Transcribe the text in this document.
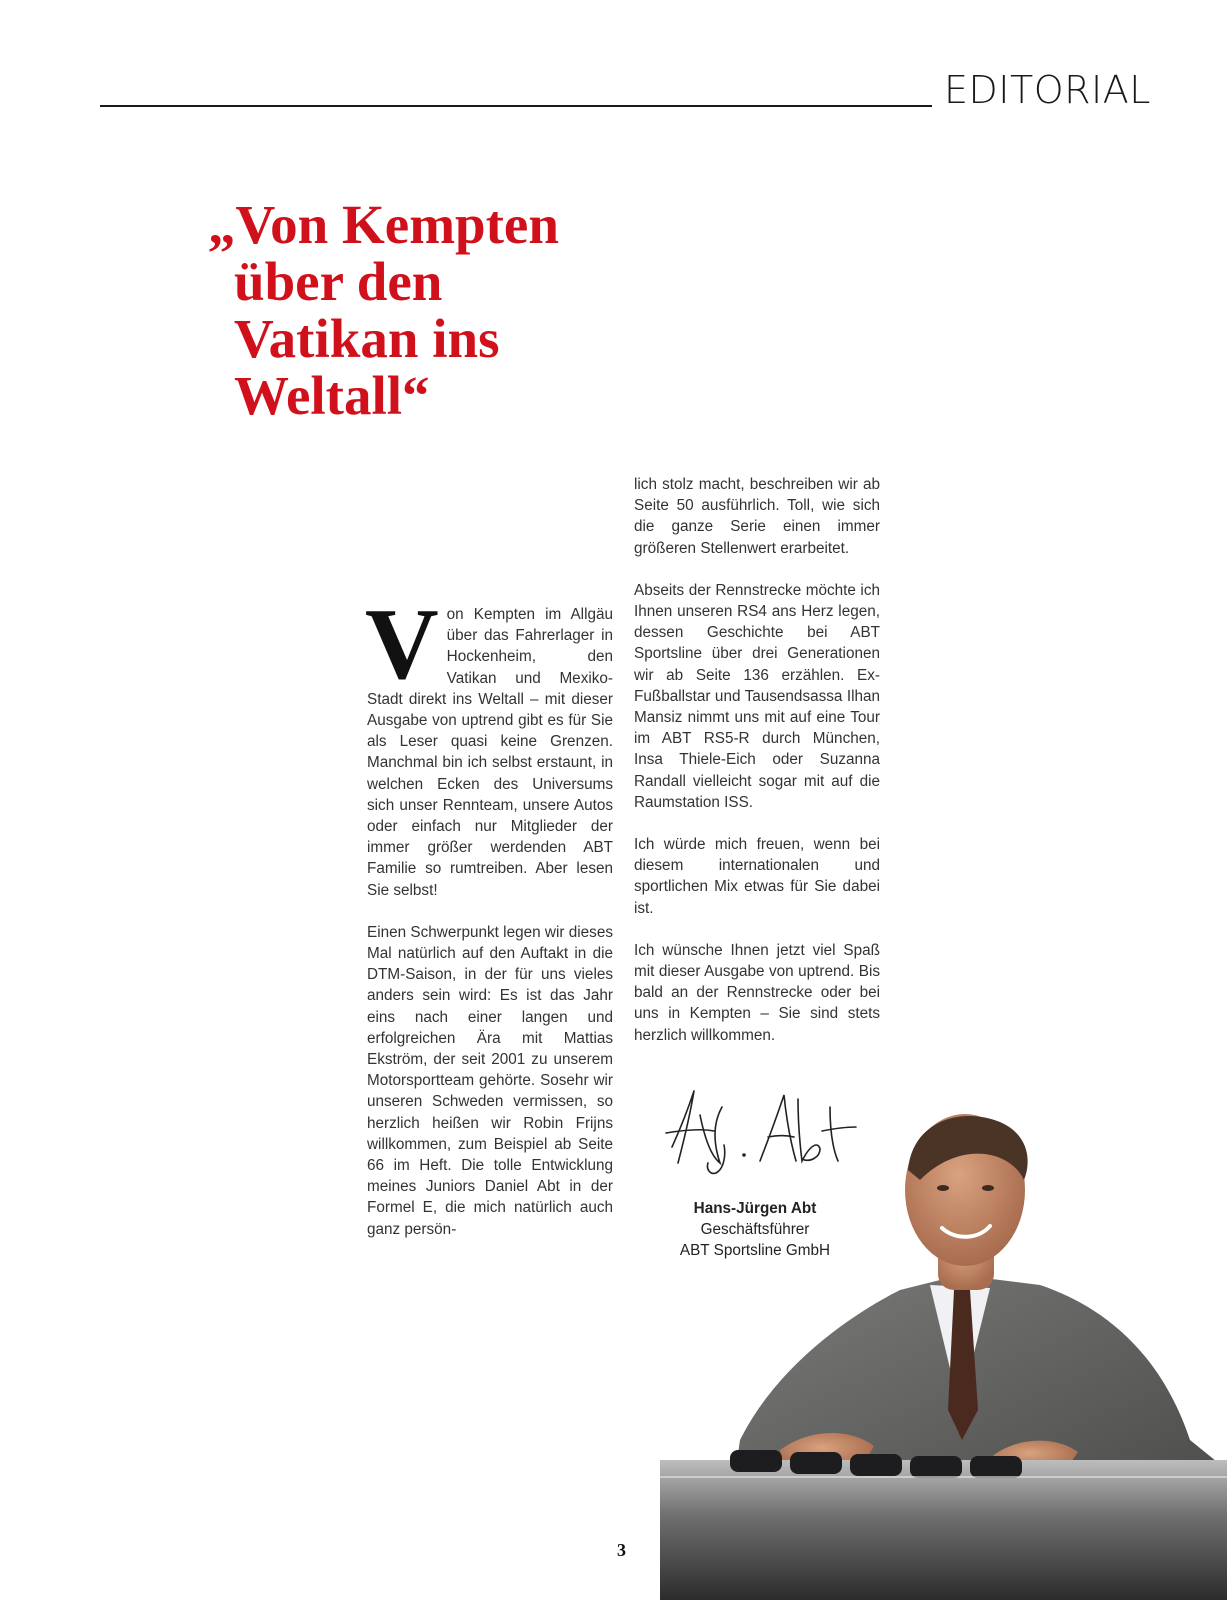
EDITORIAL
„Von Kempten
über den
Vatikan ins
Weltall“

V on Kempten im Allgäu über das Fahrerlager in Hockenheim, den Vatikan und Mexiko-Stadt direkt ins Weltall – mit dieser Ausgabe von uptrend gibt es für Sie als Leser quasi keine Grenzen. Manchmal bin ich selbst erstaunt, in welchen Ecken des Universums sich unser Rennteam, unsere Autos oder einfach nur Mitglieder der immer größer werdenden ABT Familie so rumtreiben. Aber lesen Sie selbst!

Einen Schwerpunkt legen wir dieses Mal natürlich auf den Auftakt in die DTM-Saison, in der für uns vieles anders sein wird: Es ist das Jahr eins nach einer langen und erfolgreichen Ära mit Mattias Ekström, der seit 2001 zu unserem Motorsportteam gehörte. Sosehr wir unseren Schweden vermissen, so herzlich heißen wir Robin Frijns willkommen, zum Beispiel ab Seite 66 im Heft. Die tolle Entwicklung meines Juniors Daniel Abt in der Formel E, die mich natürlich auch ganz persön-

lich stolz macht, beschreiben wir ab Seite 50 ausführlich. Toll, wie sich die ganze Serie einen immer größeren Stellenwert erarbeitet.

Abseits der Rennstrecke möchte ich Ihnen unseren RS4 ans Herz legen, dessen Geschichte bei ABT Sportsline über drei Generationen wir ab Seite 136 erzählen. Ex-Fußballstar und Tausendsassa Ilhan Mansiz nimmt uns mit auf eine Tour im ABT RS5-R durch München, Insa Thiele-Eich oder Suzanna Randall vielleicht sogar mit auf die Raumstation ISS.

Ich würde mich freuen, wenn bei diesem internationalen und sportlichen Mix etwas für Sie dabei ist.

Ich wünsche Ihnen jetzt viel Spaß mit dieser Ausgabe von uptrend. Bis bald an der Rennstrecke oder bei uns in Kempten – Sie sind stets herzlich willkommen.

Hans-Jürgen Abt
Geschäftsführer
ABT Sportsline GmbH
3
